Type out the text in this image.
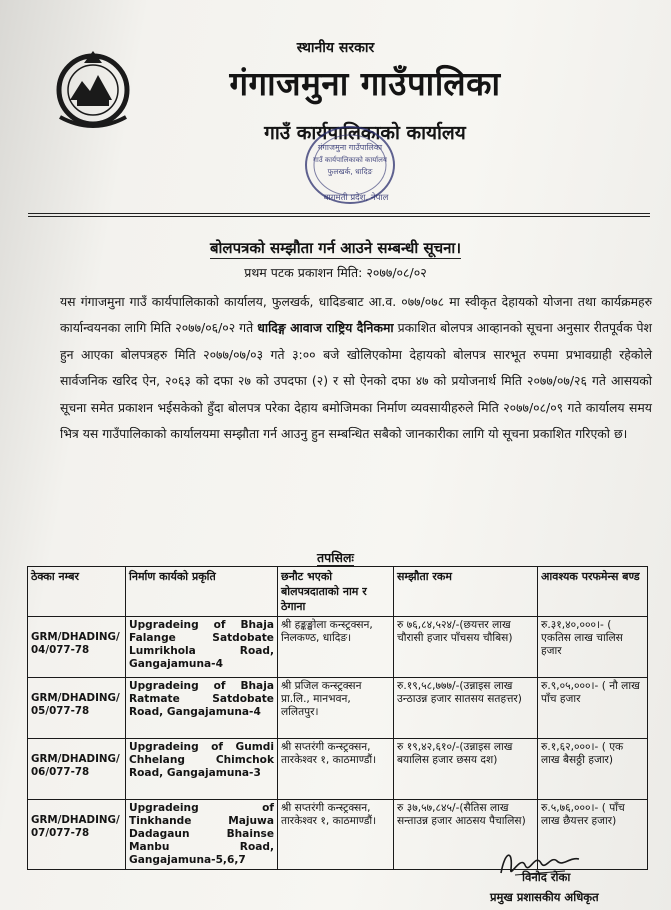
स्थानीय सरकार
गंगाजमुना गाउँपालिका
गाउँ कार्यपालिकाको कार्यालय
गंगाजमुना गाउँपालिका
गाउँ कार्यपालिकाको कार्यालय
फुलखर्क, धादिङ
बागमती प्रदेश, नेपाल
बोलपत्रको सम्झौता गर्न आउने सम्बन्धी सूचना।
प्रथम पटक प्रकाशन मिति: २०७७/०८/०२
यस गंगाजमुना गाउँ कार्यपालिकाको कार्यालय, फुलखर्क, धादिङबाट आ.व. ०७७/०७८ मा स्वीकृत देहायको योजना तथा कार्यक्रमहरु कार्यान्वयनका लागि मिति २०७७/०६/०२ गते धादिङ्ग आवाज राष्ट्रिय दैनिकमा प्रकाशित बोलपत्र आव्हानको सूचना अनुसार रीतपूर्वक पेश हुन आएका बोलपत्रहरु मिति २०७७/०७/०३ गते ३:०० बजे खोलिएकोमा देहायको बोलपत्र सारभूत रुपमा प्रभावग्राही रहेकोले सार्वजनिक खरिद ऐन, २०६३ को दफा २७ को उपदफा (२) र सो ऐनको दफा ४७ को प्रयोजनार्थ मिति २०७७/०७/२६ गते आसयको सूचना समेत प्रकाशन भईसकेको हुँदा बोलपत्र परेका देहाय बमोजिमका निर्माण व्यवसायीहरुले मिति २०७७/०८/०९ गते कार्यालय समय भित्र यस गाउँपालिकाको कार्यालयमा सम्झौता गर्न आउनु हुन सम्बन्धित सबैको जानकारीका लागि यो सूचना प्रकाशित गरिएको छ।
तपसिलः
ठेक्का नम्बर	निर्माण कार्यको प्रकृति	छनौट भएको बोलपत्रदाताको नाम र ठेगाना	सम्झौता रकम	आवश्यक परफमेन्स बण्ड
GRM/DHADING/ 04/077-78	Upgradeing of Bhaja Falange Satdobate Lumrikhola Road, Gangajamuna-4	श्री हङ्कङ्खोला कन्स्ट्रक्सन, निलकण्ठ, धादिङ।	रु ७६,८४,५२४/-(छयत्तर लाख चौरासी हजार पाँचसय चौबिस)	रु.३१,४०,०००।- ( एकतिस लाख चालिस हजार
GRM/DHADING/ 05/077-78	Upgradeing of Bhaja Ratmate Satdobate Road, Gangajamuna-4	श्री प्रजिल कन्स्ट्रक्सन प्रा.लि., मानभवन, ललितपुर।	रु.१९,५८,७७७/-(उन्नाइस लाख उन्ठाउन्न हजार सातसय सतहत्तर)	रु.९,०५,०००।- ( नौ लाख पाँच हजार
GRM/DHADING/ 06/077-78	Upgradeing of Gumdi Chhelang Chimchok Road, Gangajamuna-3	श्री सप्तरंगी कन्स्ट्रक्सन, तारकेश्वर १, काठमाण्डौं।	रु १९,४२,६१०/-(उन्नाइस लाख बयालिस हजार छसय दश)	रु.१,६२,०००।- ( एक लाख बैसठ्ठी हजार)
GRM/DHADING/ 07/077-78	Upgradeing of Tinkhande Majuwa Dadagaun Bhainse Manbu Road, Gangajamuna-5,6,7	श्री सप्तरंगी कन्स्ट्रक्सन, तारकेश्वर १, काठमाण्डौं।	रु ३७,५७,८४५/-(सैतिस लाख सन्ताउन्न हजार आठसय पैचालिस)	रु.५,७६,०००।- ( पाँच लाख छैयत्तर हजार)
विनोद रोका
प्रमुख प्रशासकीय अधिकृत
